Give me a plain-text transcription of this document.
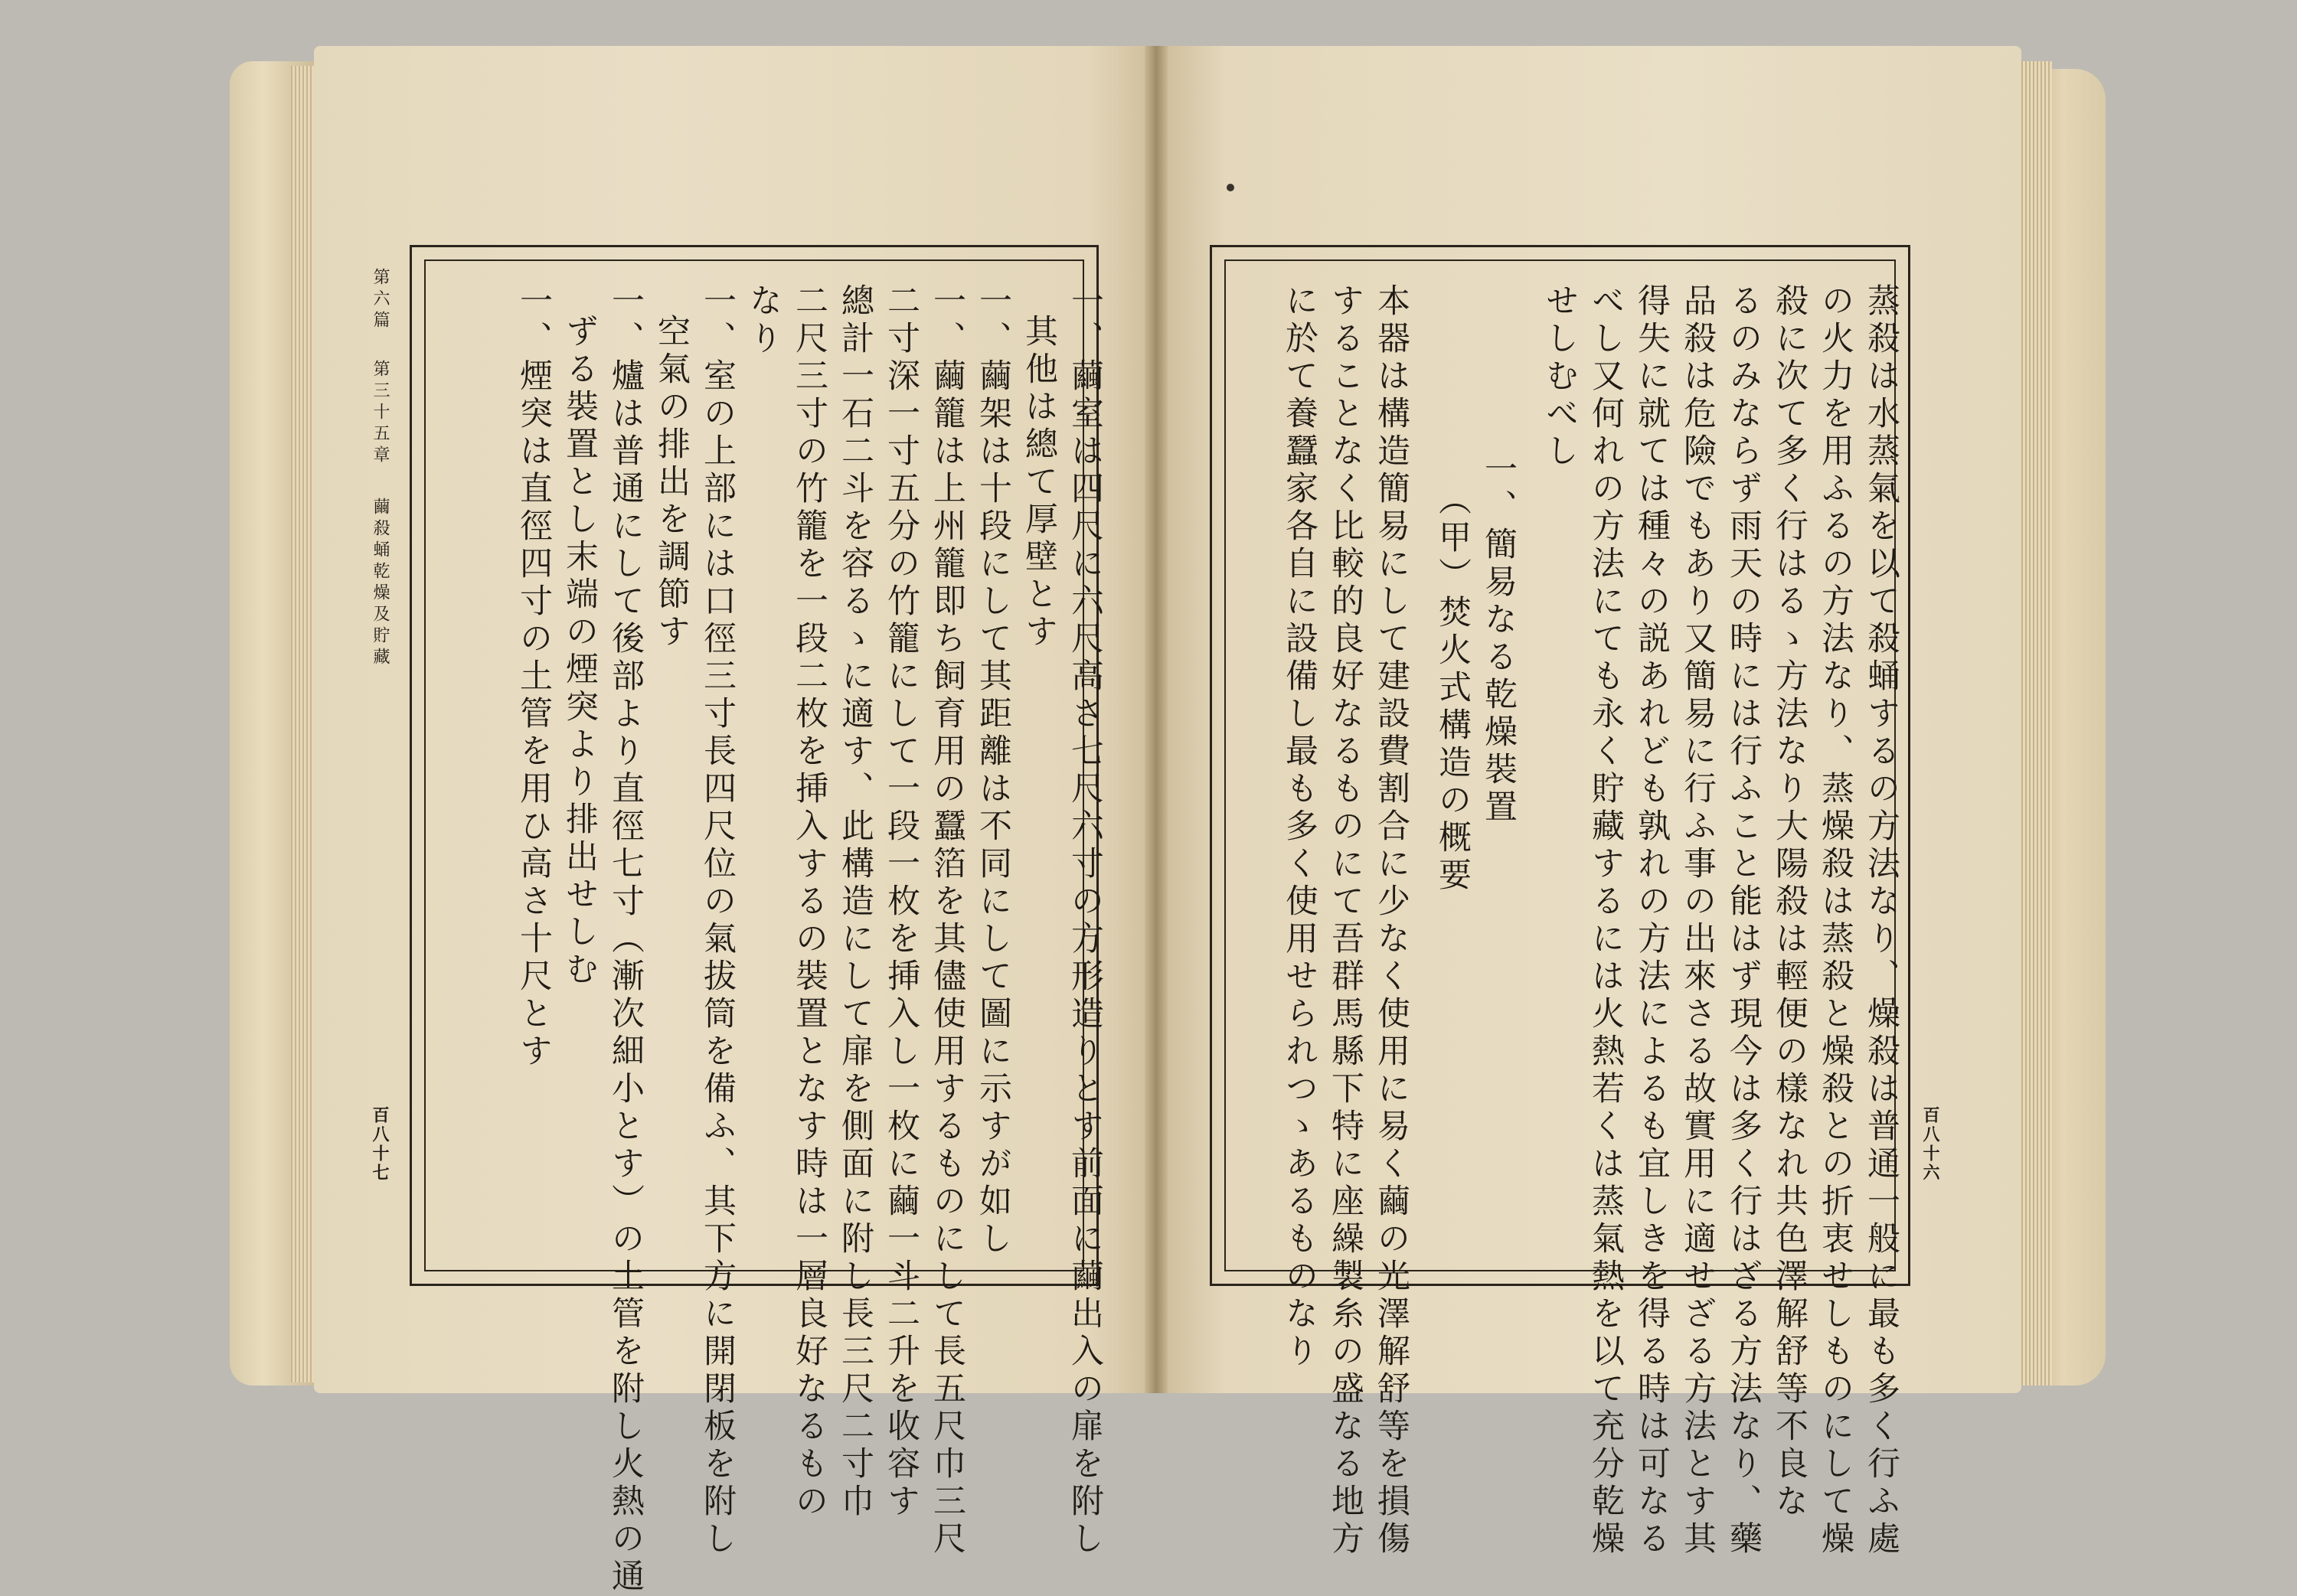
第六篇
第三十五章
繭殺蛹乾燥及貯藏
百八十七	一、繭室は四尺に六尺高さ七尺六寸の方形造りとす前面に繭出入の扉を附し
其他は總て厚壁とす
一、繭架は十段にして其距離は不同にして圖に示すが如し
一、繭籠は上州籠即ち飼育用の蠶箔を其儘使用するものにして長五尺巾三尺
二寸深一寸五分の竹籠にして一段一枚を挿入し一枚に繭一斗二升を收容す
總計一石二斗を容るゝに適す、此構造にして扉を側面に附し長三尺二寸巾
二尺三寸の竹籠を一段二枚を挿入するの裝置となす時は一層良好なるもの
なり
一、室の上部には口徑三寸長四尺位の氣拔筒を備ふ、其下方に開閉板を附し
空氣の排出を調節す
一、爐は普通にして後部より直徑七寸（漸次細小とす）の土管を附し火熱の通
ずる裝置とし末端の煙突より排出せしむ
一、煙突は直徑四寸の土管を用ひ高さ十尺とす	蒸殺は水蒸氣を以て殺蛹するの方法なり、燥殺は普通一般に最も多く行ふ處
の火力を用ふるの方法なり、蒸燥殺は蒸殺と燥殺との折衷せしものにして燥
殺に次て多く行はるゝ方法なり大陽殺は輕便の樣なれ共色澤解舒等不良な
るのみならず雨天の時には行ふこと能はず現今は多く行はざる方法なり、藥
品殺は危險でもあり又簡易に行ふ事の出來さる故實用に適せざる方法とす其
得失に就ては種々の説あれども孰れの方法によるも宜しきを得る時は可なる
べし又何れの方法にても永く貯藏するには火熱若くは蒸氣熱を以て充分乾燥
せしむべし
一、簡易なる乾燥裝置
（甲）焚火式構造の概要
本器は構造簡易にして建設費割合に少なく使用に易く繭の光澤解舒等を損傷
することなく比較的良好なるものにて吾群馬縣下特に座繰製糸の盛なる地方
に於て養蠶家各自に設備し最も多く使用せられつゝあるものなり	百八十六
